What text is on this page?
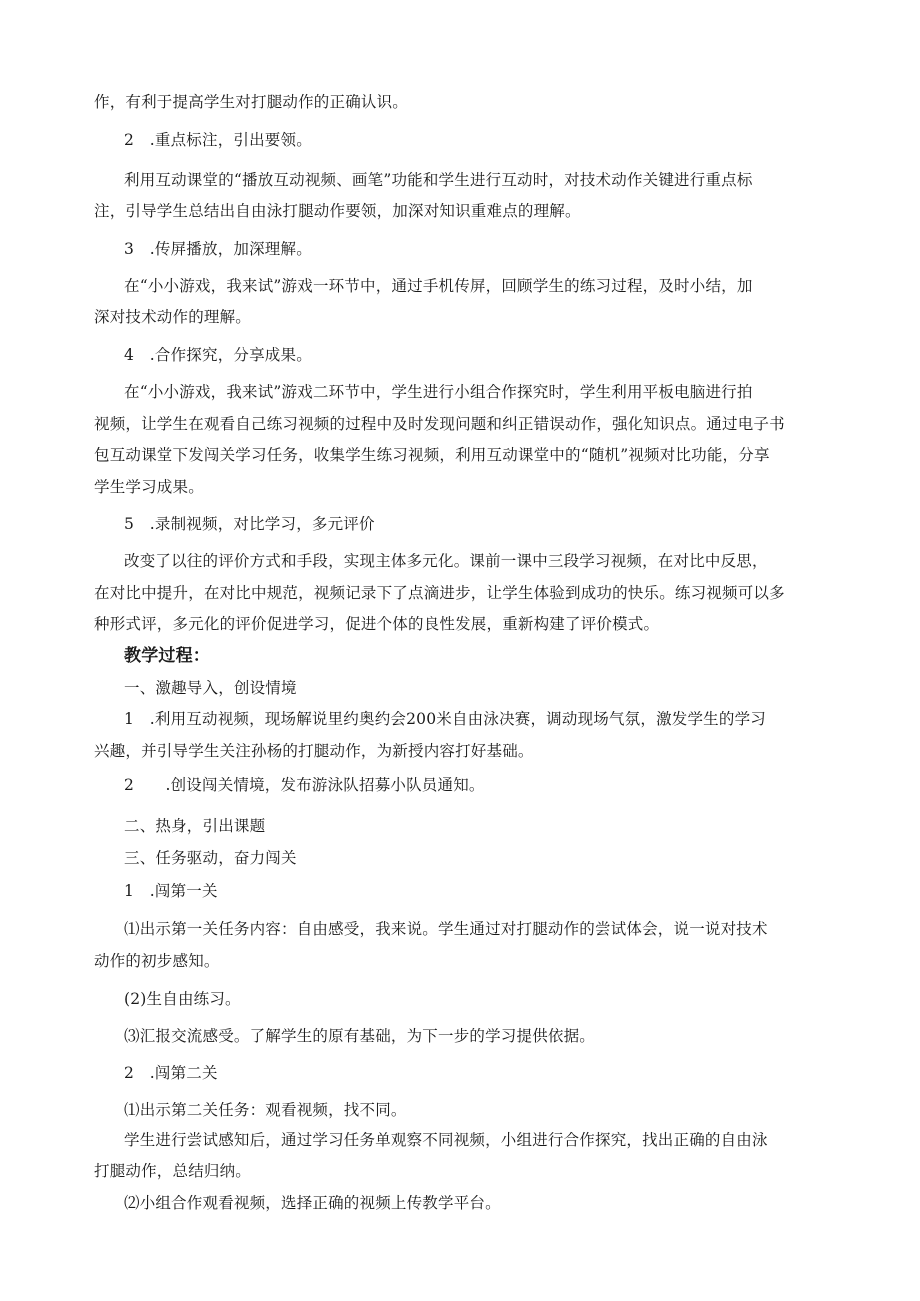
作，有利于提高学生对打腿动作的正确认识。
2　.重点标注，引出要领。
利用互动课堂的“播放互动视频、画笔”功能和学生进行互动时，对技术动作关键进行重点标
注，引导学生总结出自由泳打腿动作要领，加深对知识重难点的理解。
3　.传屏播放，加深理解。
在“小小游戏，我来试”游戏一环节中，通过手机传屏，回顾学生的练习过程，及时小结，加
深对技术动作的理解。
4　.合作探究，分享成果。
在“小小游戏，我来试”游戏二环节中，学生进行小组合作探究时，学生利用平板电脑进行拍
视频，让学生在观看自己练习视频的过程中及时发现问题和纠正错误动作，强化知识点。通过电子书
包互动课堂下发闯关学习任务，收集学生练习视频，利用互动课堂中的“随机”视频对比功能，分享
学生学习成果。
5　.录制视频，对比学习，多元评价
改变了以往的评价方式和手段，实现主体多元化。课前一课中三段学习视频，在对比中反思，
在对比中提升，在对比中规范，视频记录下了点滴进步，让学生体验到成功的快乐。练习视频可以多
种形式评，多元化的评价促进学习，促进个体的良性发展，重新构建了评价模式。
教学过程：
一、激趣导入，创设情境
1　.利用互动视频，现场解说里约奥约会200米自由泳决赛，调动现场气氛，激发学生的学习
兴趣，并引导学生关注孙杨的打腿动作，为新授内容打好基础。
2　　.创设闯关情境，发布游泳队招募小队员通知。
二、热身，引出课题
三、任务驱动，奋力闯关
1　.闯第一关
⑴出示第一关任务内容：自由感受，我来说。学生通过对打腿动作的尝试体会，说一说对技术
动作的初步感知。
(2)生自由练习。
⑶汇报交流感受。了解学生的原有基础，为下一步的学习提供依据。
2　.闯第二关
⑴出示第二关任务：观看视频，找不同。
学生进行尝试感知后，通过学习任务单观察不同视频，小组进行合作探究，找出正确的自由泳
打腿动作，总结归纳。
⑵小组合作观看视频，选择正确的视频上传教学平台。
